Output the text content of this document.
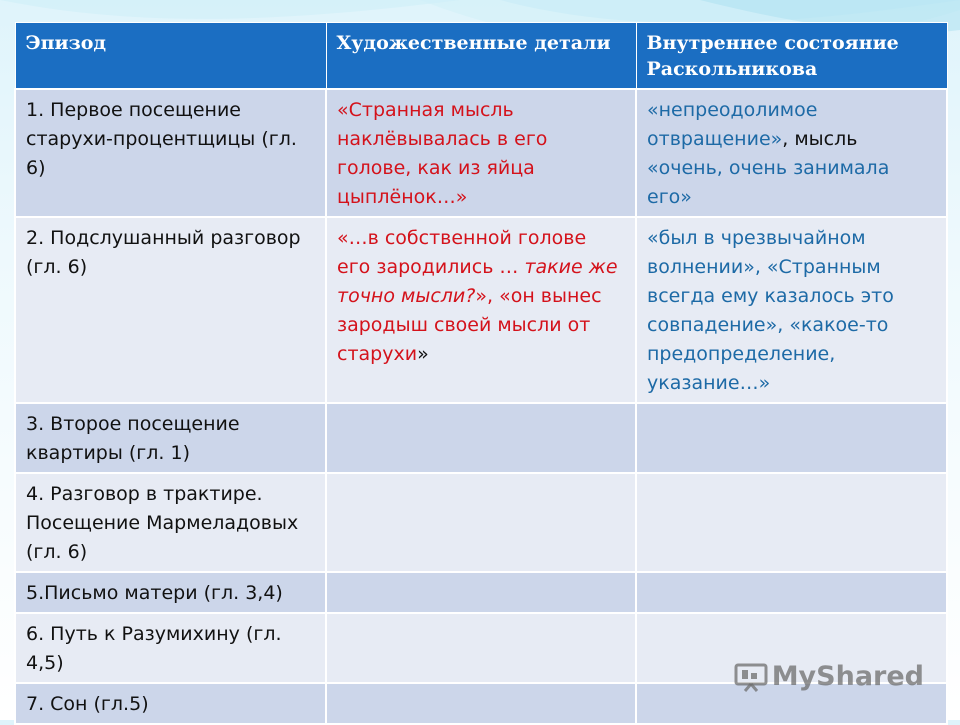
Эпизод	Художественные детали	Внутреннее состояние Раскольникова
1. Первое посещение старухи-процентщицы (гл. 6)	«Странная мысль наклёвывалась в его голове, как из яйца цыплёнок…»	«непреодолимое отвращение», мысль «очень, очень занимала его»
2. Подслушанный разговор (гл. 6)	«…в собственной голове его зародились … такие же точно мысли?», «он вынес зародыш своей мысли от старухи»	«был в чрезвычайном волнении», «Странным всегда ему казалось это совпадение», «какое-то предопределение, указание…»
3. Второе посещение квартиры (гл. 1)		
4. Разговор в трактире. Посещение Мармеладовых (гл. 6)		
5.Письмо матери (гл. 3,4)		
6. Путь к Разумихину (гл. 4,5)		
7. Сон (гл.5)		
MyShared
